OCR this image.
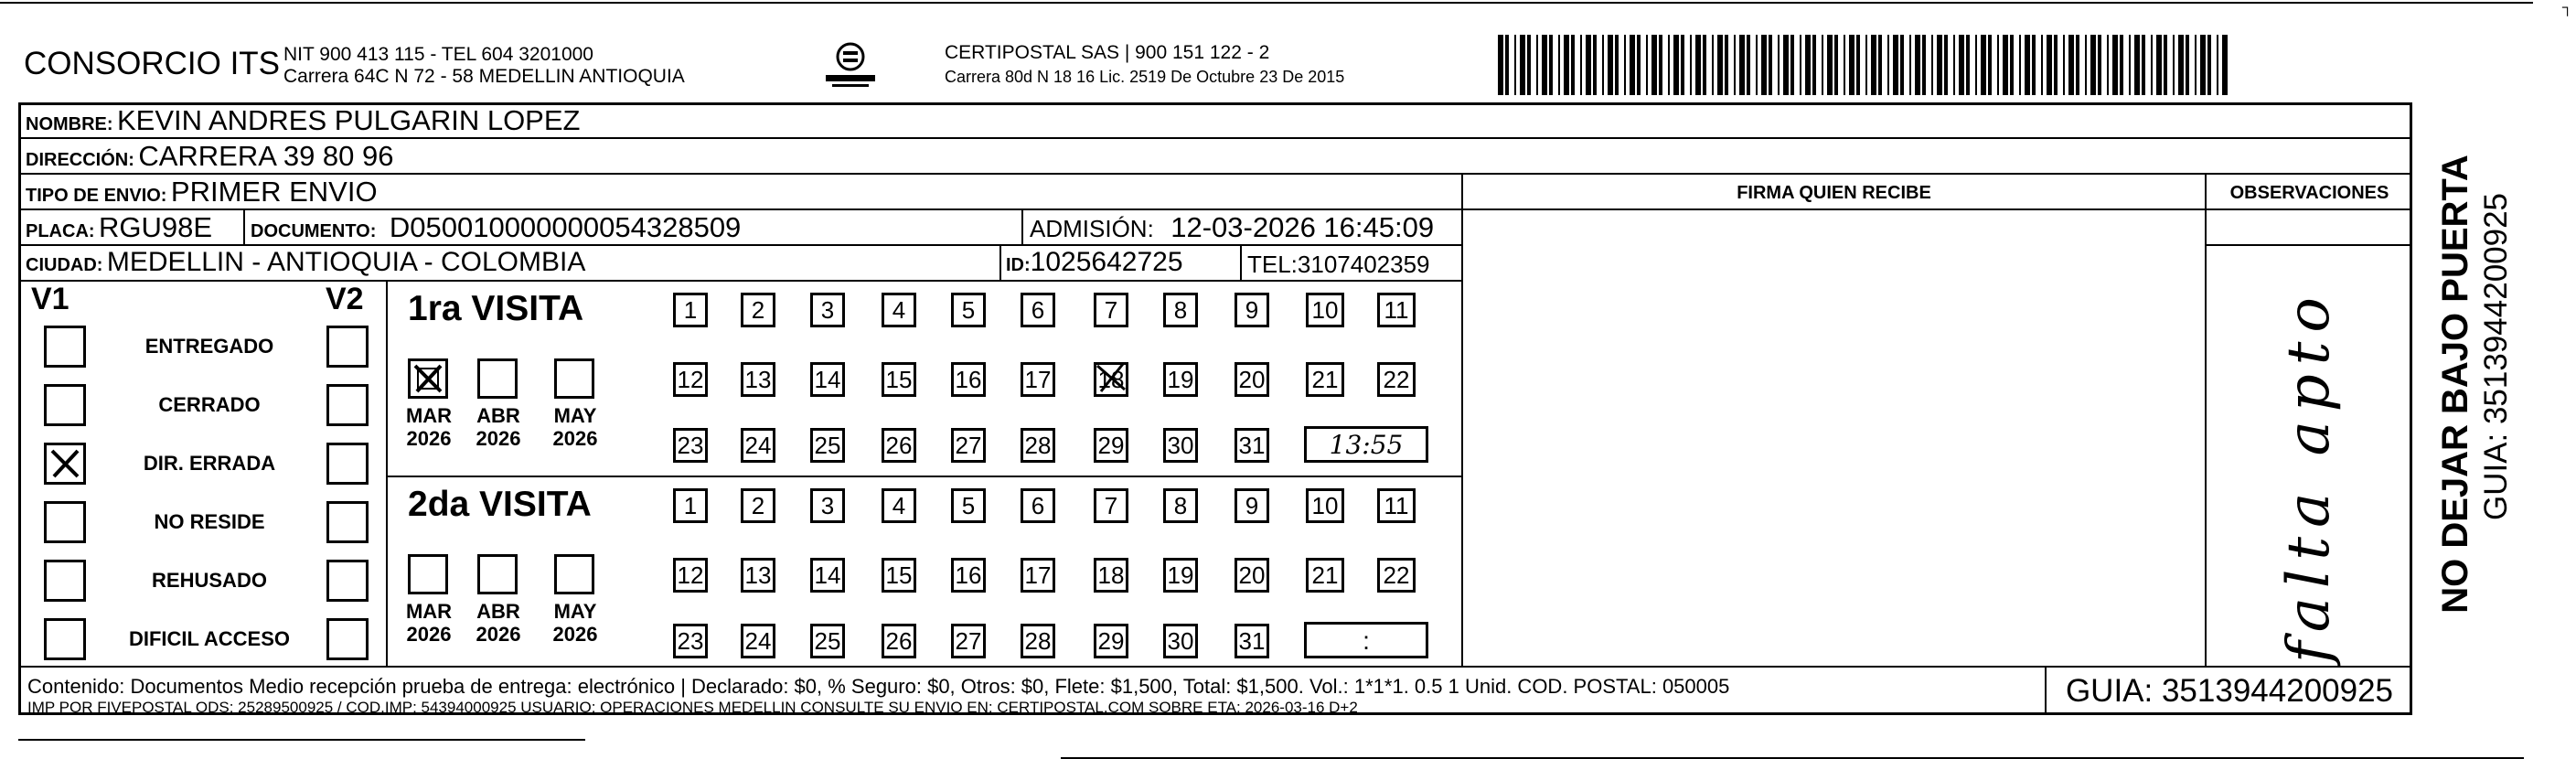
CONSORCIO ITS NIT 900 413 115 - TEL 604 3201000
Carrera 64C N 72 - 58 MEDELLIN ANTIOQUIA
CERTIPOSTAL SAS | 900 151 122 - 2
Carrera 80d N 18 16 Lic. 2519 De Octubre 23 De 2015
NOMBRE: KEVIN ANDRES PULGARIN LOPEZ
DIRECCIÓN: CARRERA 39 80 96
TIPO DE ENVIO: PRIMER ENVIO	FIRMA QUIEN RECIBE	OBSERVACIONES
PLACA: RGU98E DOCUMENTO: D050010000000054328509	ADMISIÓN: 12-03-2026 16:45:09
CIUDAD: MEDELLIN - ANTIOQUIA - COLOMBIA	ID:1025642725	TEL:3107402359
V1	V2
ENTREGADO
CERRADO
DIR. ERRADA
NO RESIDE
REHUSADO
DIFICIL ACCESO
1ra VISITA
MAR
2026
ABR
2026
MAY
2026
1	2	3	4	5	6	7	8	9	10 11
12 13 14 15 16 17 18 19 20 21 22
23 24 25 26 27 28 29 30 31	13:55
2da VISITA
MAR
2026
ABR
2026
MAY
2026
1	2	3	4	5	6	7	8	9	10 11
12 13 14 15 16 17 18 19 20 21 22
23 24 25 26 27 28 29 30 31	:	falta apto	NO DEJAR BAJO PUERTA GUIA: 3513944200925
Contenido: Documentos Medio recepción prueba de entrega: electrónico | Declarado: $0, % Seguro: $0, Otros: $0, Flete: $1,500, Total: $1,500. Vol.: 1*1*1. 0.5 1 Unid. COD. POSTAL: 050005
IMP POR FIVEPOSTAL ODS: 25289500925 / COD.IMP: 54394000925 USUARIO: OPERACIONES MEDELLIN CONSULTE SU ENVIO EN: CERTIPOSTAL.COM SOBRE ETA: 2026-03-16 D+2	GUIA: 3513944200925
┐
